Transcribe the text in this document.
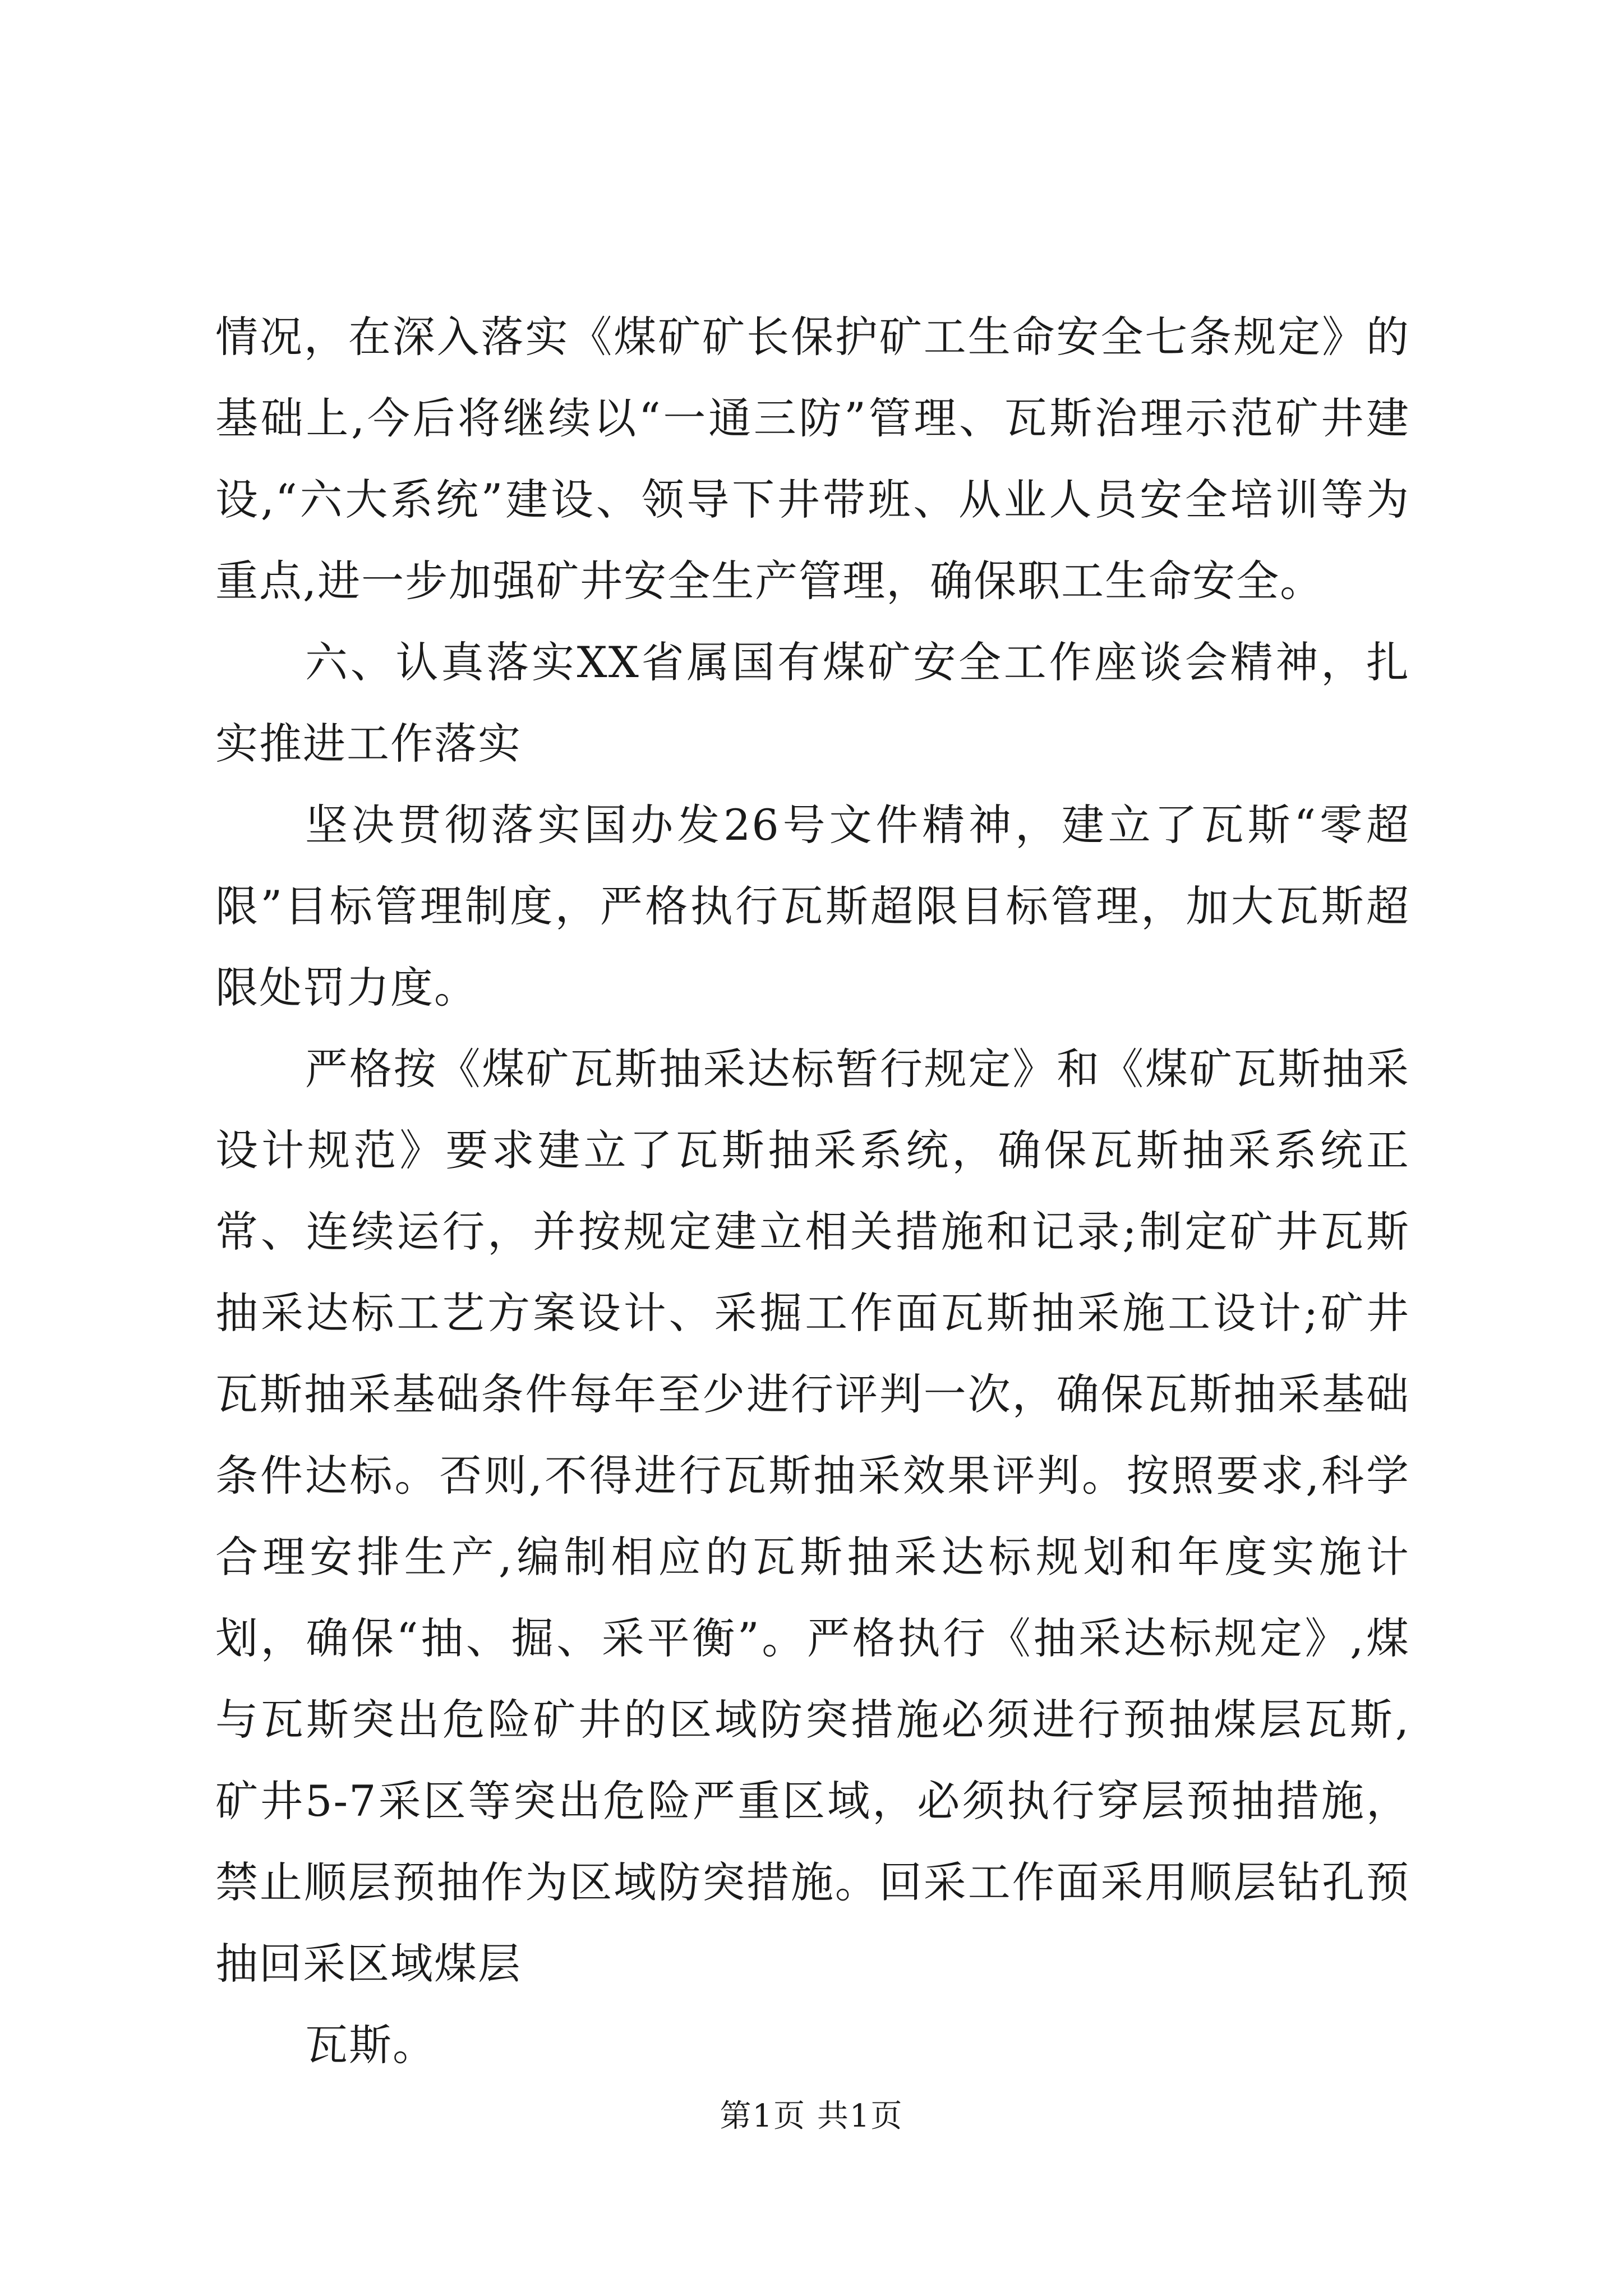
情况，在深入落实《煤矿矿长保护矿工生命安全七条规定》的基础上,今后将继续以“一通三防”管理、瓦斯治理示范矿井建设,“六大系统”建设、领导下井带班、从业人员安全培训等为重点,进一步加强矿井安全生产管理，确保职工生命安全。

六、认真落实XX省属国有煤矿安全工作座谈会精神，扎实推进工作落实

坚决贯彻落实国办发26号文件精神，建立了瓦斯“零超限”目标管理制度，严格执行瓦斯超限目标管理，加大瓦斯超限处罚力度。

严格按《煤矿瓦斯抽采达标暂行规定》和《煤矿瓦斯抽采设计规范》要求建立了瓦斯抽采系统，确保瓦斯抽采系统正常、连续运行，并按规定建立相关措施和记录;制定矿井瓦斯抽采达标工艺方案设计、采掘工作面瓦斯抽采施工设计;矿井瓦斯抽采基础条件每年至少进行评判一次，确保瓦斯抽采基础条件达标。否则,不得进行瓦斯抽采效果评判。按照要求,科学合理安排生产,编制相应的瓦斯抽采达标规划和年度实施计划，确保“抽、掘、采平衡”。严格执行《抽采达标规定》,煤与瓦斯突出危险矿井的区域防突措施必须进行预抽煤层瓦斯,矿井5-7采区等突出危险严重区域，必须执行穿层预抽措施，禁止顺层预抽作为区域防突措施。回采工作面采用顺层钻孔预抽回采区域煤层

瓦斯。

第1页 共1页
